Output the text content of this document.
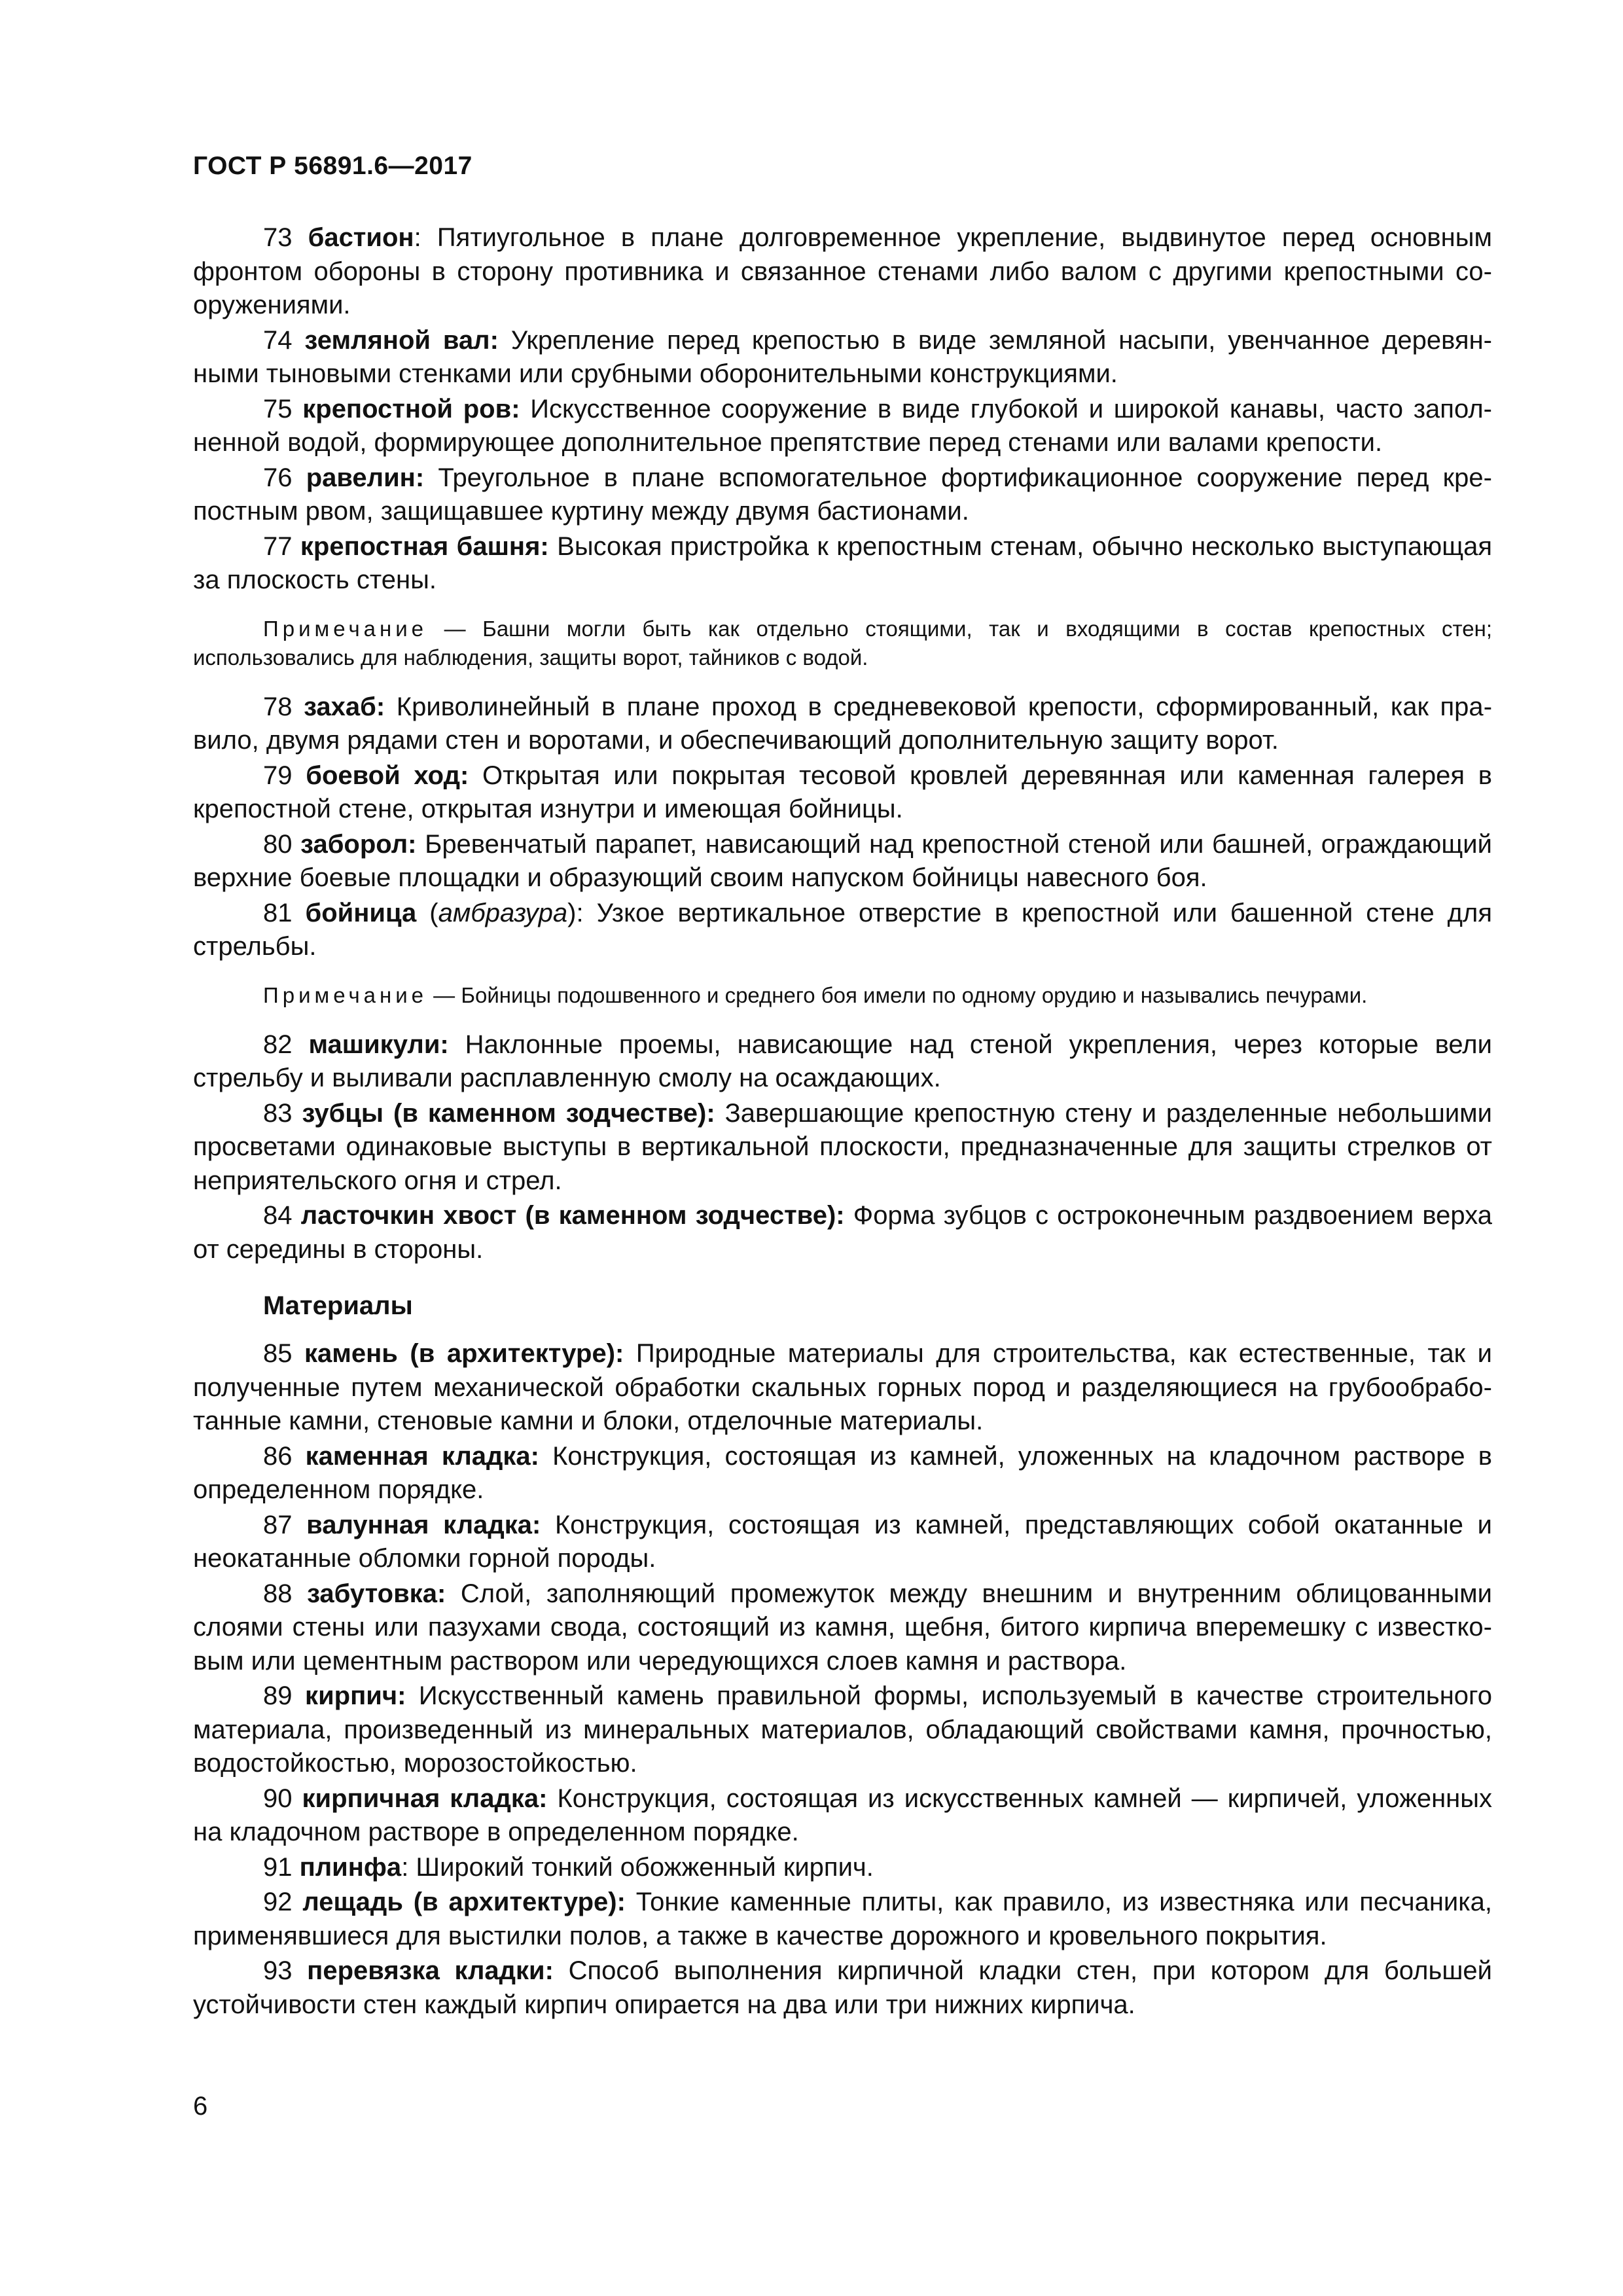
ГОСТ Р 56891.6—2017

73 бастион: Пятиугольное в плане долговременное укрепление, выдвинутое перед основным фронтом обороны в сторону противника и связанное стенами либо валом с другими крепостными сооружениями.

74 земляной вал: Укрепление перед крепостью в виде земляной насыпи, увенчанное деревянными тыновыми стенками или срубными оборонительными конструкциями.

75 крепостной ров: Искусственное сооружение в виде глубокой и широкой канавы, часто заполненной водой, формирующее дополнительное препятствие перед стенами или валами крепости.

76 равелин: Треугольное в плане вспомогательное фортификационное сооружение перед крепостным рвом, защищавшее куртину между двумя бастионами.

77 крепостная башня: Высокая пристройка к крепостным стенам, обычно несколько выступающая за плоскость стены.

Примечание — Башни могли быть как отдельно стоящими, так и входящими в состав крепостных стен; использовались для наблюдения, защиты ворот, тайников с водой.

78 захаб: Криволинейный в плане проход в средневековой крепости, сформированный, как правило, двумя рядами стен и воротами, и обеспечивающий дополнительную защиту ворот.

79 боевой ход: Открытая или покрытая тесовой кровлей деревянная или каменная галерея в крепостной стене, открытая изнутри и имеющая бойницы.

80 заборол: Бревенчатый парапет, нависающий над крепостной стеной или башней, ограждающий верхние боевые площадки и образующий своим напуском бойницы навесного боя.

81 бойница (амбразура): Узкое вертикальное отверстие в крепостной или башенной стене для стрельбы.

Примечание — Бойницы подошвенного и среднего боя имели по одному орудию и назывались печурами.

82 машикули: Наклонные проемы, нависающие над стеной укрепления, через которые вели стрельбу и выливали расплавленную смолу на осаждающих.

83 зубцы (в каменном зодчестве): Завершающие крепостную стену и разделенные небольшими просветами одинаковые выступы в вертикальной плоскости, предназначенные для защиты стрелков от неприятельского огня и стрел.

84 ласточкин хвост (в каменном зодчестве): Форма зубцов с остроконечным раздвоением верха от середины в стороны.

Материалы

85 камень (в архитектуре): Природные материалы для строительства, как естественные, так и полученные путем механической обработки скальных горных пород и разделяющиеся на грубообработанные камни, стеновые камни и блоки, отделочные материалы.

86 каменная кладка: Конструкция, состоящая из камней, уложенных на кладочном растворе в определенном порядке.

87 валунная кладка: Конструкция, состоящая из камней, представляющих собой окатанные и неокатанные обломки горной породы.

88 забутовка: Слой, заполняющий промежуток между внешним и внутренним облицованными слоями стены или пазухами свода, состоящий из камня, щебня, битого кирпича вперемешку с известковым или цементным раствором или чередующихся слоев камня и раствора.

89 кирпич: Искусственный камень правильной формы, используемый в качестве строительного материала, произведенный из минеральных материалов, обладающий свойствами камня, прочностью, водостойкостью, морозостойкостью.

90 кирпичная кладка: Конструкция, состоящая из искусственных камней — кирпичей, уложенных на кладочном растворе в определенном порядке.

91 плинфа: Широкий тонкий обожженный кирпич.

92 лещадь (в архитектуре): Тонкие каменные плиты, как правило, из известняка или песчаника, применявшиеся для выстилки полов, а также в качестве дорожного и кровельного покрытия.

93 перевязка кладки: Способ выполнения кирпичной кладки стен, при котором для большей устойчивости стен каждый кирпич опирается на два или три нижних кирпича.

6
